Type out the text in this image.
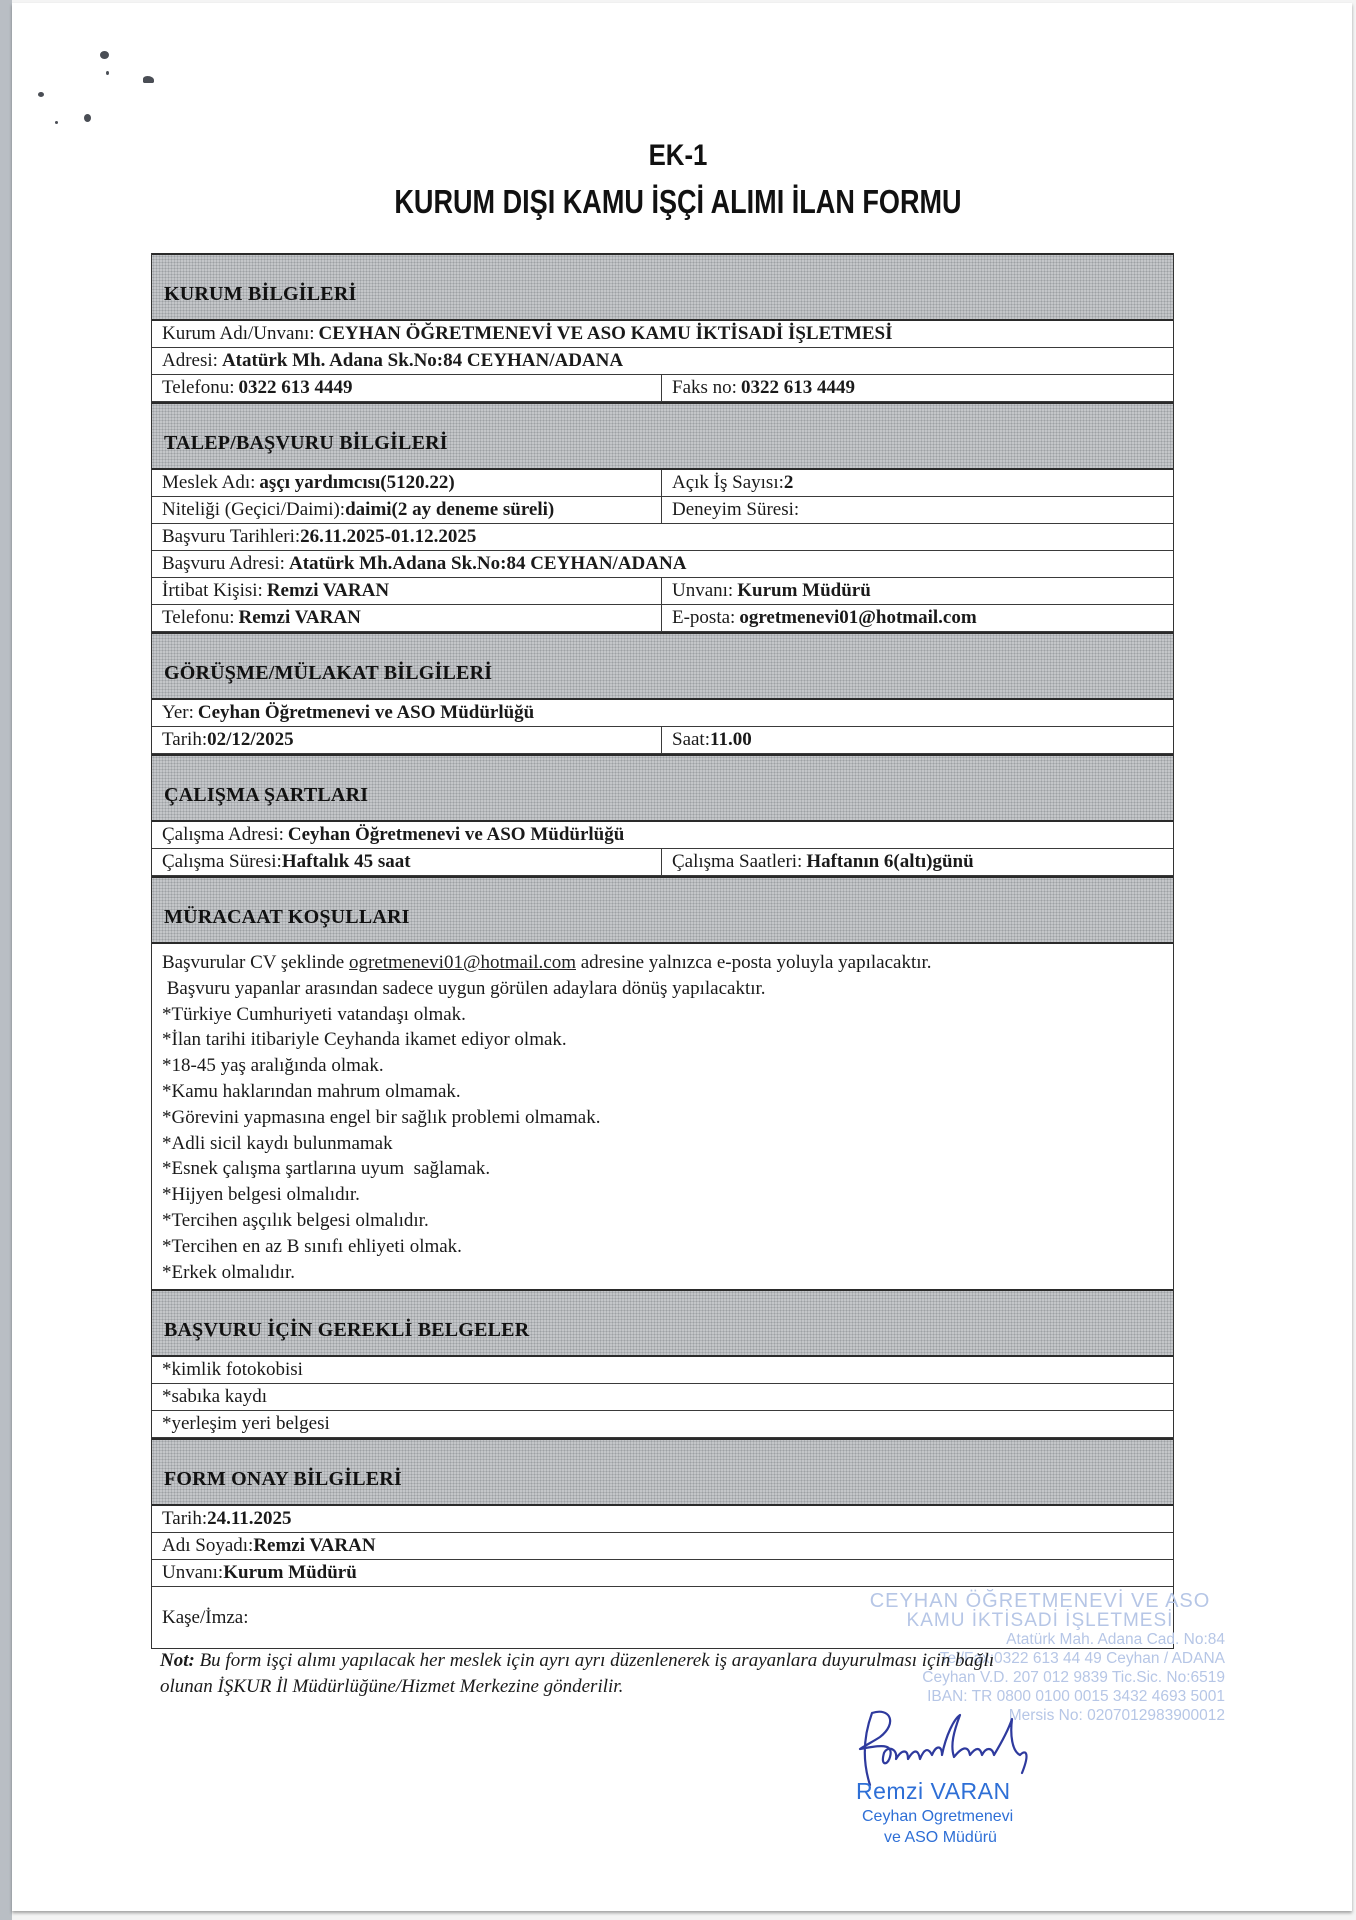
EK-1
KURUM DIŞI KAMU İŞÇİ ALIMI İLAN FORMU
KURUM BİLGİLERİ
Kurum Adı/Unvanı: CEYHAN ÖĞRETMENEVİ VE ASO KAMU İKTİSADİ İŞLETMESİ
Adresi: Atatürk Mh. Adana Sk.No:84 CEYHAN/ADANA
Telefonu: 0322 613 4449	Faks no: 0322 613 4449
TALEP/BAŞVURU BİLGİLERİ
Meslek Adı: aşçı yardımcısı(5120.22)	Açık İş Sayısı: 2
Niteliği (Geçici/Daimi): daimi(2 ay deneme süreli)	Deneyim Süresi:
Başvuru Tarihleri: 26.11.2025-01.12.2025
Başvuru Adresi: Atatürk Mh.Adana Sk.No:84 CEYHAN/ADANA
İrtibat Kişisi: Remzi VARAN	Unvanı: Kurum Müdürü
Telefonu: Remzi VARAN	E-posta: ogretmenevi01@hotmail.com
GÖRÜŞME/MÜLAKAT BİLGİLERİ
Yer: Ceyhan Öğretmenevi ve ASO Müdürlüğü
Tarih: 02/12/2025	Saat: 11.00
ÇALIŞMA ŞARTLARI
Çalışma Adresi: Ceyhan Öğretmenevi ve ASO Müdürlüğü
Çalışma Süresi: Haftalık 45 saat	Çalışma Saatleri: Haftanın 6(altı)günü
MÜRACAAT KOŞULLARI
Başvurular CV şeklinde ogretmenevi01@hotmail.com adresine yalnızca e-posta yoluyla yapılacaktır.
Başvuru yapanlar arasından sadece uygun görülen adaylara dönüş yapılacaktır.
*Türkiye Cumhuriyeti vatandaşı olmak.
*İlan tarihi itibariyle Ceyhanda ikamet ediyor olmak.
*18-45 yaş aralığında olmak.
*Kamu haklarından mahrum olmamak.
*Görevini yapmasına engel bir sağlık problemi olmamak.
*Adli sicil kaydı bulunmamak
*Esnek çalışma şartlarına uyum  sağlamak.
*Hijyen belgesi olmalıdır.
*Tercihen aşçılık belgesi olmalıdır.
*Tercihen en az B sınıfı ehliyeti olmak.
*Erkek olmalıdır.
BAŞVURU İÇİN GEREKLİ BELGELER
*kimlik fotokobisi
*sabıka kaydı
*yerleşim yeri belgesi
FORM ONAY BİLGİLERİ
Tarih: 24.11.2025
Adı Soyadı: Remzi VARAN
Unvanı: Kurum Müdürü
Kaşe/İmza:
CEYHAN ÖĞRETMENEVİ VE ASO
KAMU İKTİSADİ İŞLETMESİ
Atatürk Mah. Adana Cad. No:84
Tel/Fax:0322 613 44 49 Ceyhan / ADANA
Ceyhan V.D. 207 012 9839 Tic.Sic. No:6519
IBAN: TR 0800 0100 0015 3432 4693 5001
Mersis No: 0207012983900012
Not: Bu form işçi alımı yapılacak her meslek için ayrı ayrı düzenlenerek iş arayanlara duyurulması için bağlı
olunan İŞKUR İl Müdürlüğüne/Hizmet Merkezine gönderilir.
Remzi VARAN
Ceyhan Ogretmenevi
ve ASO Müdürü
